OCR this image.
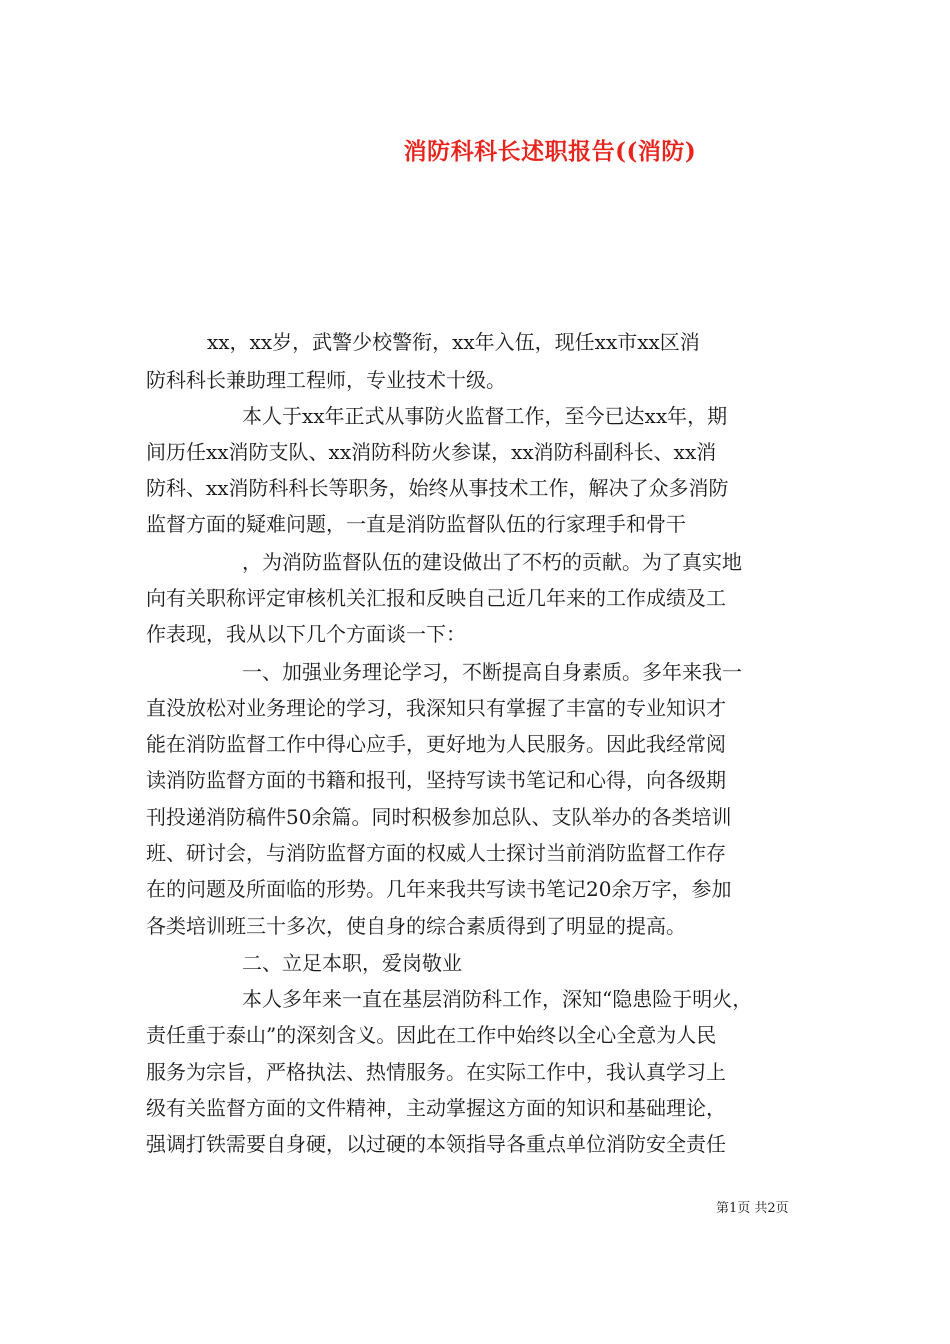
消防科科长述职报告((消防)
xx，xx岁，武警少校警衔，xx年入伍，现任xx市xx区消
防科科长兼助理工程师，专业技术十级。
本人于xx年正式从事防火监督工作，至今已达xx年，期
间历任xx消防支队、xx消防科防火参谋，xx消防科副科长、xx消
防科、xx消防科科长等职务，始终从事技术工作，解决了众多消防
监督方面的疑难问题，一直是消防监督队伍的行家理手和骨干
，为消防监督队伍的建设做出了不朽的贡献。为了真实地
向有关职称评定审核机关汇报和反映自己近几年来的工作成绩及工
作表现，我从以下几个方面谈一下：
一、加强业务理论学习，不断提高自身素质。多年来我一
直没放松对业务理论的学习，我深知只有掌握了丰富的专业知识才
能在消防监督工作中得心应手，更好地为人民服务。因此我经常阅
读消防监督方面的书籍和报刊，坚持写读书笔记和心得，向各级期
刊投递消防稿件50余篇。同时积极参加总队、支队举办的各类培训
班、研讨会，与消防监督方面的权威人士探讨当前消防监督工作存
在的问题及所面临的形势。几年来我共写读书笔记20余万字，参加
各类培训班三十多次，使自身的综合素质得到了明显的提高。
二、立足本职，爱岗敬业
本人多年来一直在基层消防科工作，深知“隐患险于明火，
责任重于泰山”的深刻含义。因此在工作中始终以全心全意为人民
服务为宗旨，严格执法、热情服务。在实际工作中，我认真学习上
级有关监督方面的文件精神，主动掌握这方面的知识和基础理论，
强调打铁需要自身硬，以过硬的本领指导各重点单位消防安全责任
第1页 共2页
